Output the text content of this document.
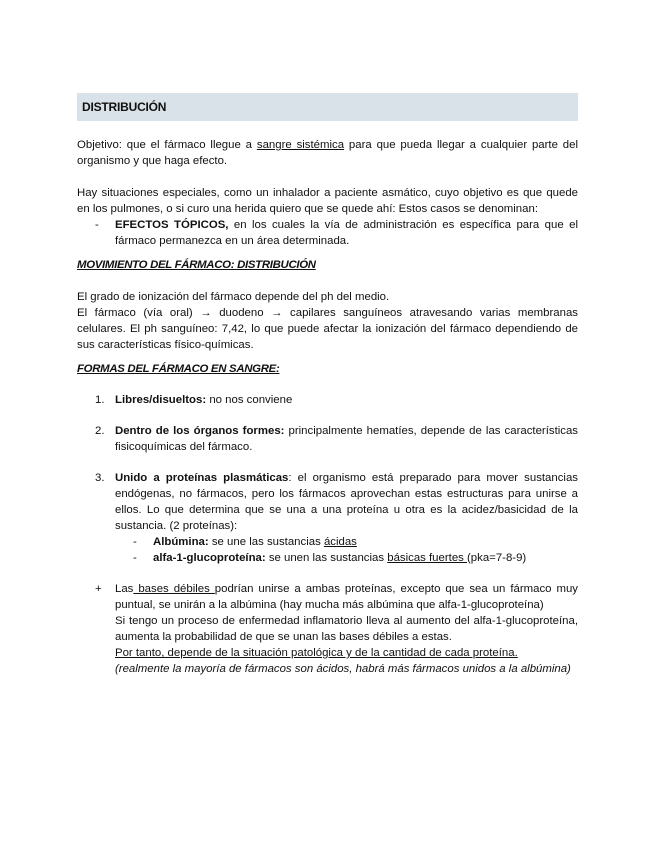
DISTRIBUCIÓN

Objetivo: que el fármaco llegue a sangre sistémica para que pueda llegar a cualquier parte del organismo y que haga efecto.

Hay situaciones especiales, como un inhalador a paciente asmático, cuyo objetivo es que quede en los pulmones, o si curo una herida quiero que se quede ahí: Estos casos se denominan:

- EFECTOS TÓPICOS, en los cuales la vía de administración es específica para que el fármaco permanezca en un área determinada.

MOVIMIENTO DEL FÁRMACO: DISTRIBUCIÓN

El grado de ionización del fármaco depende del ph del medio.

El fármaco (vía oral) → duodeno → capilares sanguíneos atravesando varias membranas celulares. El ph sanguíneo: 7,42, lo que puede afectar la ionización del fármaco dependiendo de sus características físico-químicas.

FORMAS DEL FÁRMACO EN SANGRE:

1. Libres/disueltos: no nos conviene

2. Dentro de los órganos formes: principalmente hematíes, depende de las características fisicoquímicas del fármaco.

3. Unido a proteínas plasmáticas: el organismo está preparado para mover sustancias endógenas, no fármacos, pero los fármacos aprovechan estas estructuras para unirse a ellos. Lo que determina que se una a una proteína u otra es la acidez/basicidad de la sustancia. (2 proteínas):

- Albúmina: se une las sustancias ácidas

- alfa-1-glucoproteína: se unen las sustancias básicas fuertes (pka=7-8-9)

+ Las bases débiles podrían unirse a ambas proteínas, excepto que sea un fármaco muy puntual, se unirán a la albúmina (hay mucha más albúmina que alfa-1-glucoproteína)

Si tengo un proceso de enfermedad inflamatorio lleva al aumento del alfa-1-glucoproteína, aumenta la probabilidad de que se unan las bases débiles a estas.

Por tanto, depende de la situación patológica y de la cantidad de cada proteína.

(realmente la mayoría de fármacos son ácidos, habrá más fármacos unidos a la albúmina)
